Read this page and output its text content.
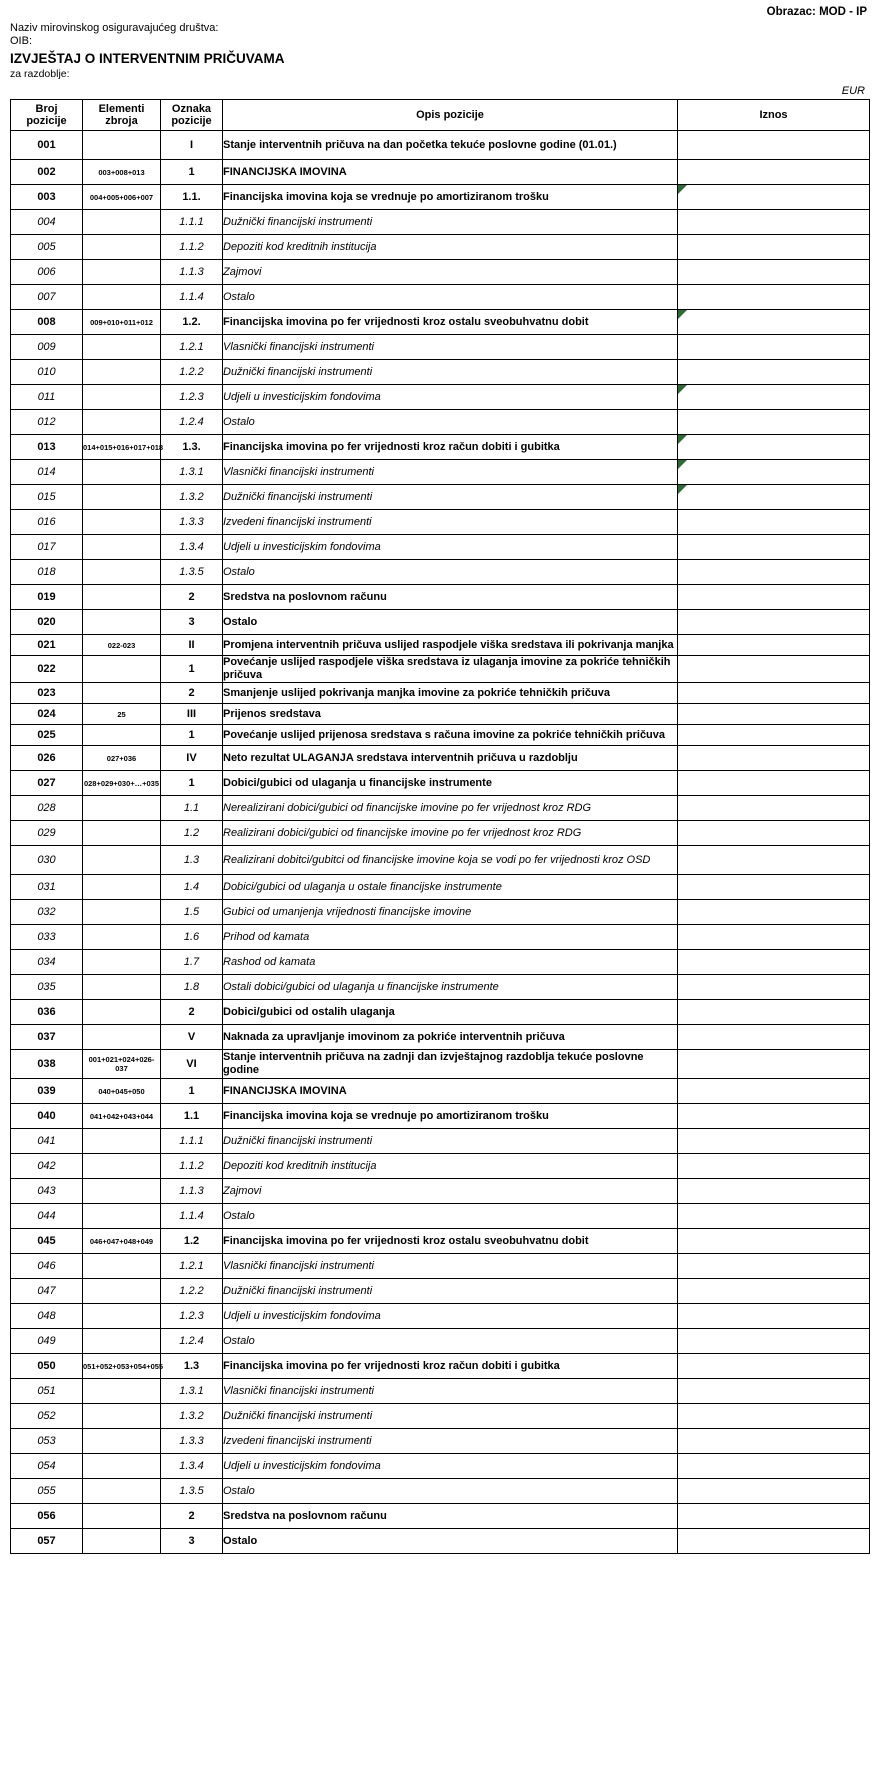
Obrazac: MOD - IP
Naziv mirovinskog osiguravajućeg društva:
OIB:
IZVJEŠTAJ O INTERVENTNIM PRIČUVAMA
za razdoblje:
EUR
Broj
pozicije

Elementi
zbroja

Oznaka
pozicije	Opis pozicije	Iznos

001		I	Stanje interventnih pričuva na dan početka tekuće poslovne godine (01.01.)	
002	003+008+013	1	FINANCIJSKA IMOVINA	
003	004+005+006+007	1.1.	Financijska imovina koja se vrednuje po amortiziranom trošku	
004		1.1.1	Dužnički financijski instrumenti	
005		1.1.2	Depoziti kod kreditnih institucija	
006		1.1.3	Zajmovi	
007		1.1.4	Ostalo	
008	009+010+011+012	1.2.	Financijska imovina po fer vrijednosti kroz ostalu sveobuhvatnu dobit	
009		1.2.1	Vlasnički financijski instrumenti	
010		1.2.2	Dužnički financijski instrumenti	
011		1.2.3	Udjeli u investicijskim fondovima	
012		1.2.4	Ostalo	
013	014+015+016+017+018	1.3.	Financijska imovina po fer vrijednosti kroz račun dobiti i gubitka	
014		1.3.1	Vlasnički financijski instrumenti	
015		1.3.2	Dužnički financijski instrumenti	
016		1.3.3	Izvedeni financijski instrumenti	
017		1.3.4	Udjeli u investicijskim fondovima	
018		1.3.5	Ostalo	
019		2	Sredstva na poslovnom računu	
020		3	Ostalo	
021	022-023	II	Promjena interventnih pričuva uslijed raspodjele viška sredstava ili pokrivanja manjka	
022		1	Povećanje uslijed raspodjele viška sredstava iz ulaganja imovine za pokriće tehničkih pričuva	
023		2	Smanjenje uslijed pokrivanja manjka imovine za pokriće tehničkih pričuva	
024	25	III	Prijenos sredstava	
025		1	Povećanje uslijed prijenosa sredstava s računa imovine za pokriće tehničkih pričuva	
026	027+036	IV	Neto rezultat ULAGANJA sredstava interventnih pričuva u razdoblju	
027	028+029+030+…+035	1	Dobici/gubici od ulaganja u financijske instrumente	
028		1.1	Nerealizirani dobici/gubici od financijske imovine po fer vrijednost kroz RDG	
029		1.2	Realizirani dobici/gubici od financijske imovine po fer vrijednost kroz RDG	
030		1.3	Realizirani dobitci/gubitci od financijske imovine koja se vodi po fer vrijednosti kroz OSD	
031		1.4	Dobici/gubici od ulaganja u ostale financijske instrumente	
032		1.5	Gubici od umanjenja vrijednosti financijske imovine	
033		1.6	Prihod od kamata	
034		1.7	Rashod od kamata	
035		1.8	Ostali dobici/gubici od ulaganja u financijske instrumente	
036		2	Dobici/gubici od ostalih ulaganja	
037		V	Naknada za upravljanje imovinom za pokriće interventnih pričuva	
038	001+021+024+026-037	VI	Stanje interventnih pričuva na zadnji dan izvještajnog razdoblja tekuće poslovne godine	
039	040+045+050	1	FINANCIJSKA IMOVINA	
040	041+042+043+044	1.1	Financijska imovina koja se vrednuje po amortiziranom trošku	
041		1.1.1	Dužnički financijski instrumenti	
042		1.1.2	Depoziti kod kreditnih institucija	
043		1.1.3	Zajmovi	
044		1.1.4	Ostalo	
045	046+047+048+049	1.2	Financijska imovina po fer vrijednosti kroz ostalu sveobuhvatnu dobit	
046		1.2.1	Vlasnički financijski instrumenti	
047		1.2.2	Dužnički financijski instrumenti	
048		1.2.3	Udjeli u investicijskim fondovima	
049		1.2.4	Ostalo	
050	051+052+053+054+055	1.3	Financijska imovina po fer vrijednosti kroz račun dobiti i gubitka	
051		1.3.1	Vlasnički financijski instrumenti	
052		1.3.2	Dužnički financijski instrumenti	
053		1.3.3	Izvedeni financijski instrumenti	
054		1.3.4	Udjeli u investicijskim fondovima	
055		1.3.5	Ostalo	
056		2	Sredstva na poslovnom računu	
057		3	Ostalo	
